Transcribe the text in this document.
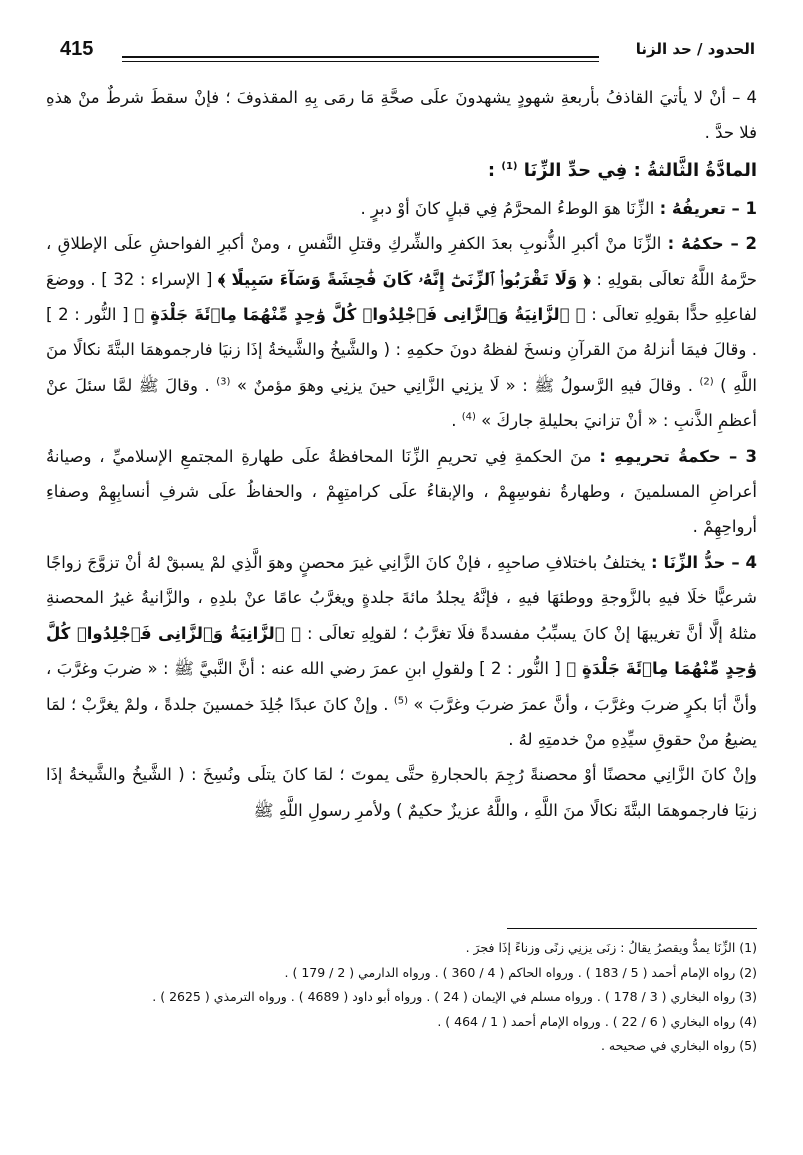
الحدود / حد الزنا
415

4 – أنْ لا يأتيَ القاذفُ بأربعةِ شهودٍ يشهدونَ علَى صحَّةِ مَا رمَى بِهِ المقذوفَ ؛ فإنْ سقطَ شرطٌ منْ هذهِ فلا حدَّ .

المادَّةُ الثَّالثةُ : فِي حدِّ الزِّنَا $^{(1)}$ :

1 – تعريفُهُ : الزِّنَا هوَ الوطءُ المحرَّمُ فِي قبلٍ كانَ أوْ دبرٍ .

2 – حكمُهُ : الزِّنَا منْ أكبرِ الذُّنوبِ بعدَ الكفرِ والشِّركِ وقتلِ النَّفسِ ، ومنْ أكبرِ الفواحشِ علَى الإطلاقِ ، حرَّمهُ اللَّهُ تعالَى بقولِهِ : ﴿ وَلَا تَقْرَبُوا۟ ٱلزِّنَىٰٓ إِنَّهُۥ كَانَ فَٰحِشَةً وَسَآءَ سَبِيلًا ﴾ [ الإسراء : 32 ] . ووضعَ لفاعلِهِ حدًّا بقولِهِ تعالَى : ﴿ ٱلزَّانِيَةُ وَٱلزَّانِى فَٱجْلِدُوا۟ كُلَّ وَٰحِدٍ مِّنْهُمَا مِا۟ئَةَ جَلْدَةٍ ﴾ [ النُّور : 2 ] . وقالَ فيمَا أنزلهُ منَ القرآنِ ونسخَ لفظهُ دونَ حكمِهِ : ( والشَّيخُ والشَّيخةُ إذَا زنيَا فارجموهمَا البتَّةَ نكالًا منَ اللَّهِ ) $^{(2)}$ . وقالَ فيهِ الرَّسولُ ﷺ : « لَا يزنِي الزَّانِي حينَ يزنِي وهوَ مؤمنٌ » $^{(3)}$ . وقالَ ﷺ لمَّا سئلَ عنْ أعظمِ الذَّنبِ : « أنْ تزانيَ بحليلةِ جاركَ » $^{(4)}$ .

3 – حكمةُ تحريمِهِ : منَ الحكمةِ فِي تحريمِ الزِّنَا المحافظةُ علَى طهارةِ المجتمعِ الإسلاميِّ ، وصيانةُ أعراضِ المسلمينَ ، وطهارةُ نفوسِهِمْ ، والإبقاءُ علَى كرامتِهِمْ ، والحفاظُ علَى شرفِ أنسابِهِمْ وصفاءِ أرواحِهِمْ .

4 – حدُّ الزِّنَا : يختلفُ باختلافِ صاحبِهِ ، فإنْ كانَ الزَّانِي غيرَ محصنٍ وهوَ الَّذِي لمْ يسبقْ لهُ أنْ تزوَّجَ زواجًا شرعيًّا خلَا فيهِ بالزَّوجةِ ووطئهَا فيهِ ، فإنَّهُ يجلدُ مائةَ جلدةٍ ويغرَّبُ عامًا عنْ بلدِهِ ، والزَّانيةُ غيرُ المحصنةِ مثلهُ إلَّا أنَّ تغريبهَا إنْ كانَ يسبِّبُ مفسدةً فلَا تغرَّبُ ؛ لقولِهِ تعالَى : ﴿ ٱلزَّانِيَةُ وَٱلزَّانِى فَٱجْلِدُوا۟ كُلَّ وَٰحِدٍ مِّنْهُمَا مِا۟ئَةَ جَلْدَةٍ ﴾ [ النُّور : 2 ] ولقولِ ابنِ عمرَ رضي الله عنه : أنَّ النَّبيَّ ﷺ : « ضربَ وغرَّبَ ، وأنَّ أبَا بكرٍ ضربَ وغرَّبَ ، وأنَّ عمرَ ضربَ وغرَّبَ » $^{(5)}$ . وإنْ كانَ عبدًا جُلِدَ خمسينَ جلدةً ، ولمْ يغرَّبْ ؛ لمَا يضيعُ منْ حقوقِ سيِّدِهِ منْ خدمتِهِ لهُ .

وإنْ كانَ الزَّانِي محصنًا أوْ محصنةً رُجِمَ بالحجارةِ حتَّى يموتَ ؛ لمَا كانَ يتلَى ونُسِخَ : ( الشَّيخُ والشَّيخةُ إذَا زنيَا فارجموهمَا البتَّةَ نكالًا منَ اللَّهِ ، واللَّهُ عزيزٌ حكيمٌ ) ولأمرِ رسولِ اللَّهِ ﷺ

(1) الزِّنَا يمدُّ ويقصرُ يقالُ : زنَى يزنِي زنًى وزناءً إذَا فجرَ .

(2) رواه الإمام أحمد ( 5 / 183 ) . ورواه الحاكم ( 4 / 360 ) . ورواه الدارمي ( 2 / 179 ) .

(3) رواه البخاري ( 3 / 178 ) . ورواه مسلم في الإيمان ( 24 ) . ورواه أبو داود ( 4689 ) . ورواه الترمذي ( 2625 ) .

(4) رواه البخاري ( 6 / 22 ) . ورواه الإمام أحمد ( 1 / 464 ) .

(5) رواه البخاري في صحيحه .
